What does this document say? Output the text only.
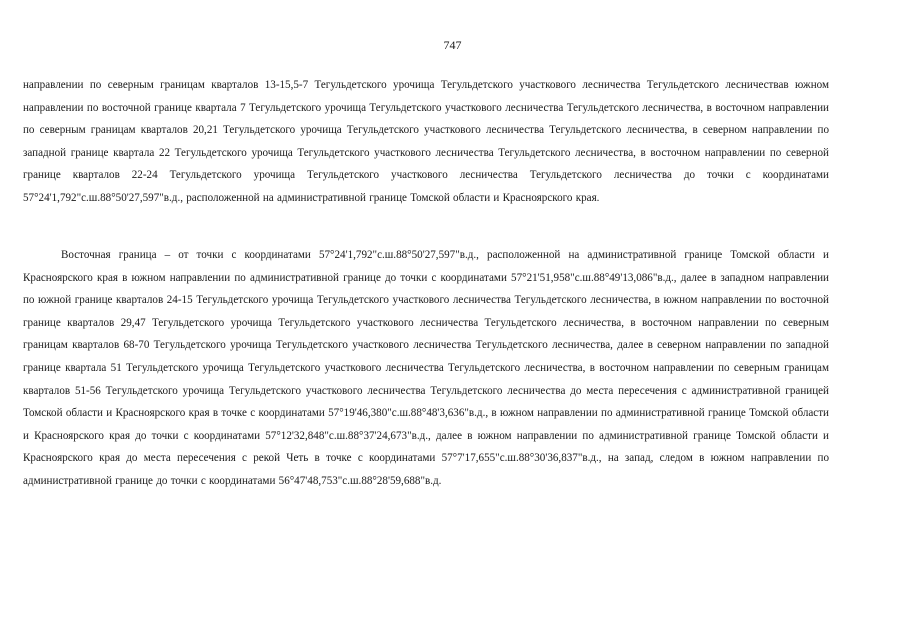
747

направлении по северным границам кварталов 13-15,5-7 Тегульдетского урочища Тегульдетского участкового лесничества Тегульдетского лесничествав южном направлении по восточной границе квартала 7 Тегульдетского урочища Тегульдетского участкового лесничества Тегульдетского лесничества, в восточном направлении по северным границам кварталов 20,21 Тегульдетского урочища Тегульдетского участкового лесничества Тегульдетского лесничества, в северном направлении по западной границе квартала 22 Тегульдетского урочища Тегульдетского участкового лесничества Тегульдетского лесничества, в восточном направлении по северной границе кварталов 22-24 Тегульдетского урочища Тегульдетского участкового лесничества Тегульдетского лесничества до точки с координатами 57°24'1,792"с.ш.88°50'27,597"в.д., расположенной на административной границе Томской области и Красноярского края.

Восточная граница – от точки с координатами 57°24'1,792"с.ш.88°50'27,597"в.д., расположенной на административной границе Томской области и Красноярского края в южном направлении по административной границе до точки с координатами 57°21'51,958"с.ш.88°49'13,086"в.д., далее в западном направлении по южной границе кварталов 24-15 Тегульдетского урочища Тегульдетского участкового лесничества Тегульдетского лесничества, в южном направлении по восточной границе кварталов 29,47 Тегульдетского урочища Тегульдетского участкового лесничества Тегульдетского лесничества, в восточном направлении по северным границам кварталов 68-70 Тегульдетского урочища Тегульдетского участкового лесничества Тегульдетского лесничества, далее в северном направлении по западной границе квартала 51 Тегульдетского урочища Тегульдетского участкового лесничества Тегульдетского лесничества, в восточном направлении по северным границам кварталов 51-56 Тегульдетского урочища Тегульдетского участкового лесничества Тегульдетского лесничества до места пересечения с административной границей Томской области и Красноярского края в точке с координатами 57°19'46,380"с.ш.88°48'3,636"в.д., в южном направлении по административной границе Томской области и Красноярского края до точки с координатами 57°12'32,848"с.ш.88°37'24,673"в.д., далее в южном направлении по административной границе Томской области и Красноярского края до места пересечения с рекой Четь в точке с координатами 57°7'17,655"с.ш.88°30'36,837"в.д., на запад, следом в южном направлении по административной границе до точки с координатами 56°47'48,753"с.ш.88°28'59,688"в.д.
